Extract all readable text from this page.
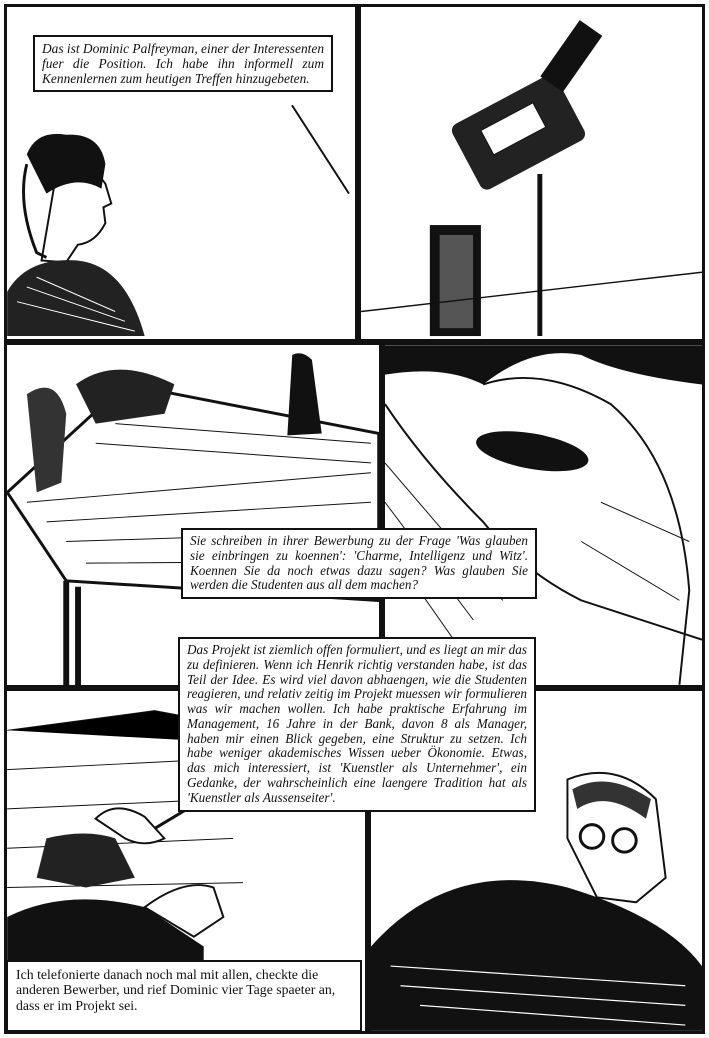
Das ist Dominic Palfreyman, einer der Interessenten fuer die Position. Ich habe ihn informell zum Kennenlernen zum heutigen Treffen hinzugebeten.

Sie schreiben in ihrer Bewerbung zu der Frage 'Was glauben sie einbringen zu koennen': 'Charme, Intelligenz und Witz'. Koennen Sie da noch etwas dazu sagen? Was glauben Sie werden die Studenten aus all dem machen?

Das Projekt ist ziemlich offen formuliert, und es liegt an mir das zu definieren. Wenn ich Henrik richtig verstanden habe, ist das Teil der Idee. Es wird viel davon abhaengen, wie die Studenten reagieren, und relativ zeitig im Projekt muessen wir formulieren was wir machen wollen. Ich habe praktische Erfahrung im Management, 16 Jahre in der Bank, davon 8 als Manager, haben mir einen Blick gegeben, eine Struktur zu setzen. Ich habe weniger akademisches Wissen ueber Ökonomie. Etwas, das mich interessiert, ist 'Kuenstler als Unternehmer', ein Gedanke, der wahrscheinlich eine laengere Tradition hat als 'Kuenstler als Aussenseiter'.

Ich telefonierte danach noch mal mit allen, checkte die anderen Bewerber, und rief Dominic vier Tage spaeter an, dass er im Projekt sei.
